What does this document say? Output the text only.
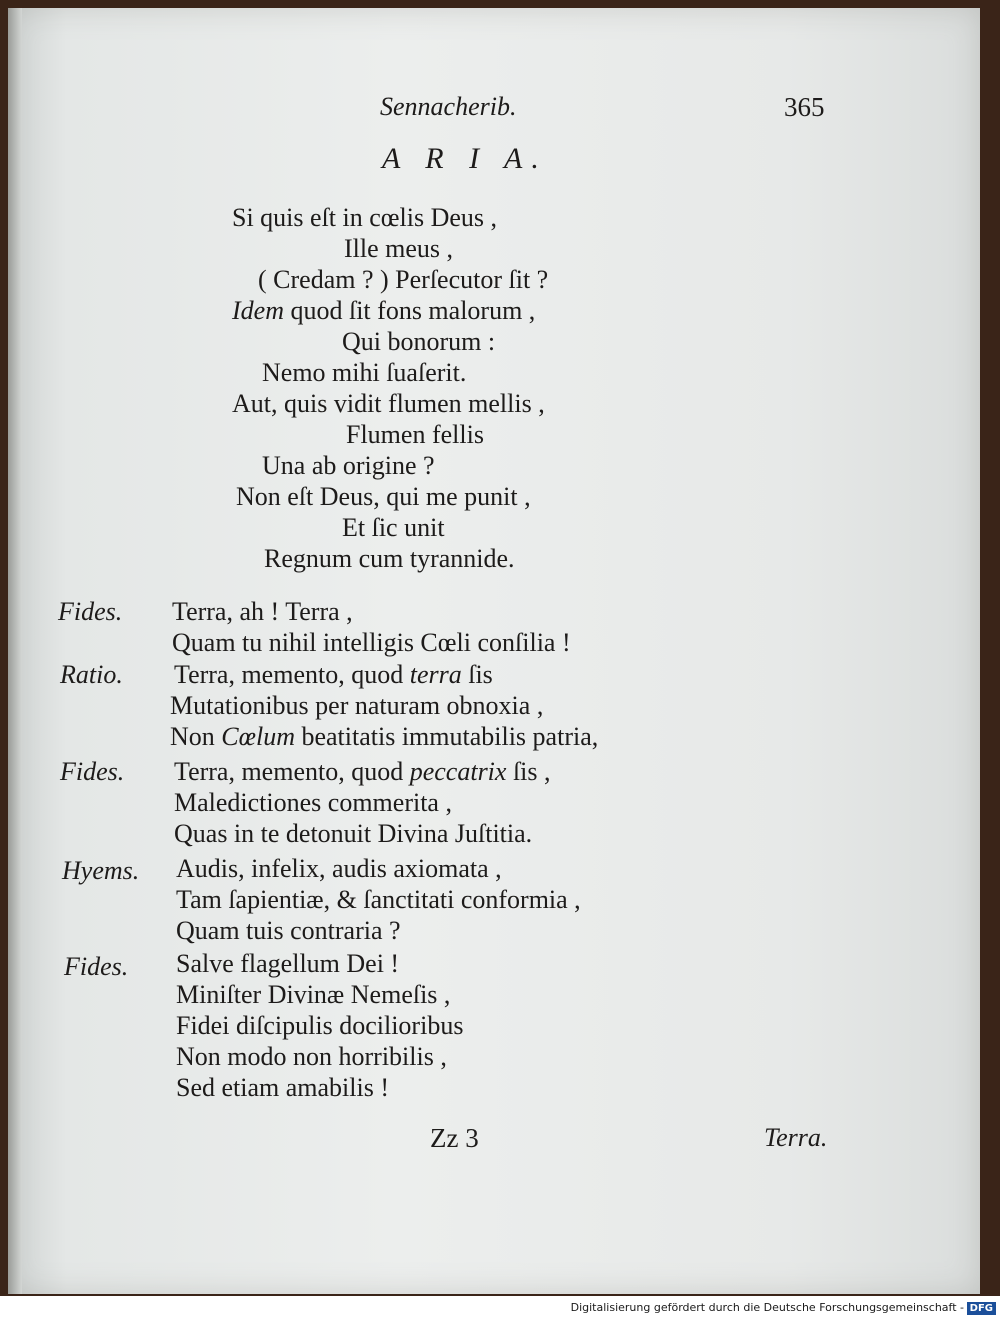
Sennacherib.	365
A R I A.
Si quis eſt in cœlis Deus ,
Ille meus ,
( Credam ? ) Perſecutor ſit ?
Idem quod ſit fons malorum ,
Qui bonorum :
Nemo mihi ſuaſerit.
Aut, quis vidit flumen mellis ,
Flumen fellis
Una ab origine ?
Non eſt Deus, qui me punit ,
Et ſic unit
Regnum cum tyrannide.
Fides. Terra, ah ! Terra ,
Quam tu nihil intelligis Cœli conſilia !
Ratio. Terra, memento, quod terra ſis
Mutationibus per naturam obnoxia ,
Non Cœlum beatitatis immutabilis patria,
Fides. Terra, memento, quod peccatrix ſis ,
Maledictiones commerita ,
Quas in te detonuit Divina Juſtitia.
Hyems. Audis, infelix, audis axiomata ,
Tam ſapientiæ, & ſanctitati conformia ,
Quam tuis contraria ?
Fides. Salve flagellum Dei !
Miniſter Divinæ Nemeſis ,
Fidei diſcipulis docilioribus
Non modo non horribilis ,
Sed etiam amabilis !
Zz 3	Terra.
Digitalisierung gefördert durch die Deutsche Forschungsgemeinschaft - DFG
